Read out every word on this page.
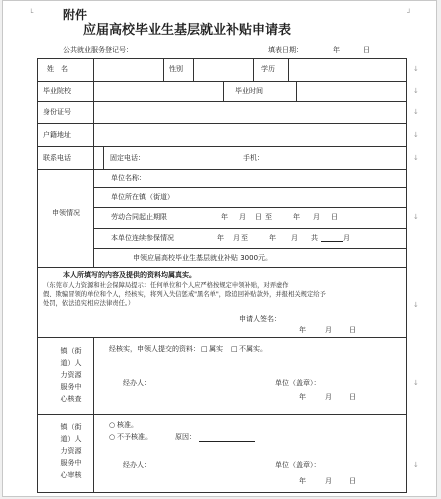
└	┘
附件
应届高校毕业生基层就业补贴申请表
公共就业服务登记号：	填表日期：	年	日
姓　名	性别	学历
毕业院校	毕业时间
身份证号
户籍地址
联系电话	固定电话：	手机：
申领情况
单位名称：
单位所在镇（街道）
劳动合同起止期限	年 月 日 至	年 月 日
本单位连续参保情况	年 月 至	年 月 共	月
申领应届高校毕业生基层就业补贴 3000元。
本人所填写的内容及提供的资料均属真实。
（东莞市人力资源和社会保障局提示：任何单位和个人应严格按规定申领补贴，对弄虚作
假、欺骗冒领的单位和个人，经核实，将列入失信惩戒"黑名单"，除追回补贴款外，并报相关规定给予
处罚，依法追究相应法律责任。）
申请人签名：
年	月 日
镇（街道）人力资源服务中心核查
经核实，申领人提交的资料： □ 属实 □ 不属实。
经办人：	单位（盖章）：
年	月 日
镇（街道）人力资源服务中心审核
○ 核准。
○ 不予核准。	原因：
经办人：	单位（盖章）：
年	月 日
↓
↓
↓
↓
↓
↓
↓
↓
↓
